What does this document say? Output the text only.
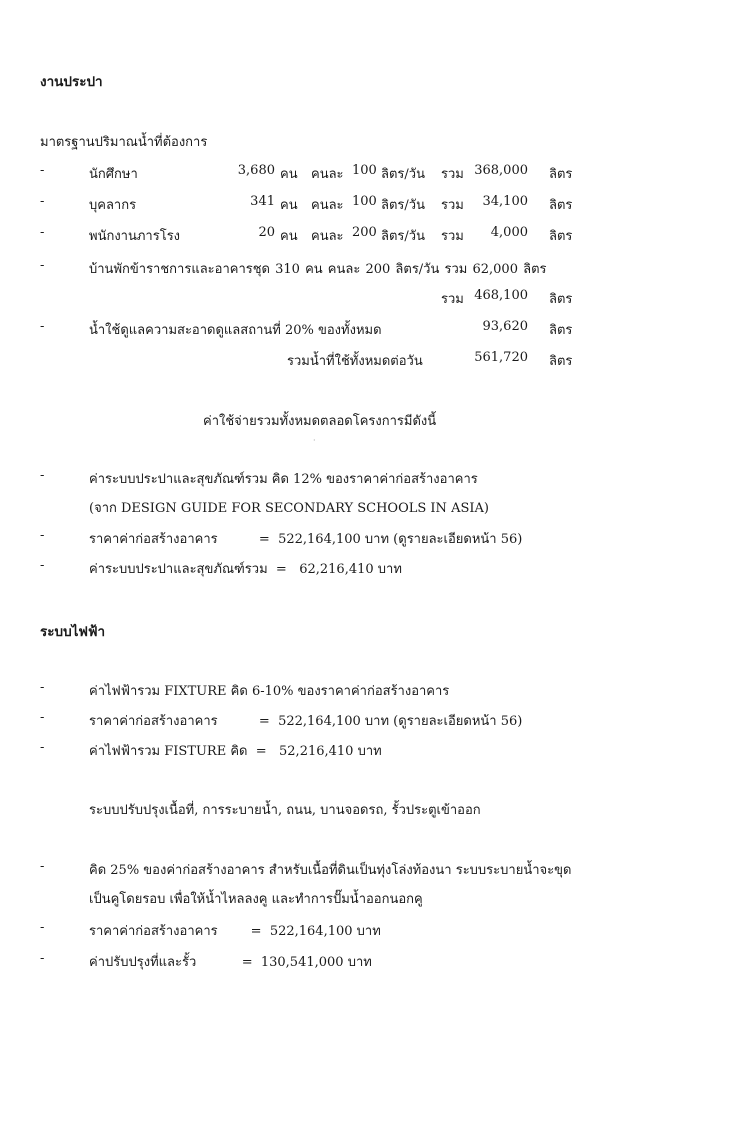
งานประปา
มาตรฐานปริมาณน้ำที่ต้องการ
-	นักศึกษา	3,680 คน คนละ 100 ลิตร/วัน รวม 368,000 ลิตร
-	บุคลากร	341 คน คนละ 100 ลิตร/วัน รวม	34,100 ลิตร
-	พนักงานภารโรง	20 คน คนละ 200 ลิตร/วัน รวม	4,000 ลิตร
-	บ้านพักข้าราชการและอาคารชุด 310 คน คนละ 200 ลิตร/วัน รวม 62,000 ลิตร
รวม 468,100 ลิตร
-	น้ำใช้ดูแลความสะอาดดูแลสถานที่ 20% ของทั้งหมด	93,620 ลิตร
รวมน้ำที่ใช้ทั้งหมดต่อวัน	561,720 ลิตร
ค่าใช้จ่ายรวมทั้งหมดตลอดโครงการมีดังนี้
·
-	ค่าระบบประปาและสุขภัณฑ์รวม คิด 12% ของราคาค่าก่อสร้างอาคาร
(จาก DESIGN GUIDE FOR SECONDARY SCHOOLS IN ASIA)
-	ราคาค่าก่อสร้างอาคาร          =  522,164,100 บาท (ดูรายละเอียดหน้า 56)
-	ค่าระบบประปาและสุขภัณฑ์รวม  =   62,216,410 บาท
ระบบไฟฟ้า
-	ค่าไฟฟ้ารวม FIXTURE คิด 6-10% ของราคาค่าก่อสร้างอาคาร
-	ราคาค่าก่อสร้างอาคาร          =  522,164,100 บาท (ดูรายละเอียดหน้า 56)
-	ค่าไฟฟ้ารวม FISTURE คิด  =   52,216,410 บาท
ระบบปรับปรุงเนื้อที่, การระบายน้ำ, ถนน, บานจอดรถ, รั้วประตูเข้าออก
-	คิด 25% ของค่าก่อสร้างอาคาร สำหรับเนื้อที่ดินเป็นทุ่งโล่งท้องนา ระบบระบายน้ำจะขุด
เป็นคูโดยรอบ เพื่อให้น้ำไหลลงคู และทำการปั๊มน้ำออกนอกคู
-	ราคาค่าก่อสร้างอาคาร        =  522,164,100 บาท
-	ค่าปรับปรุงที่และรั้ว           =  130,541,000 บาท
